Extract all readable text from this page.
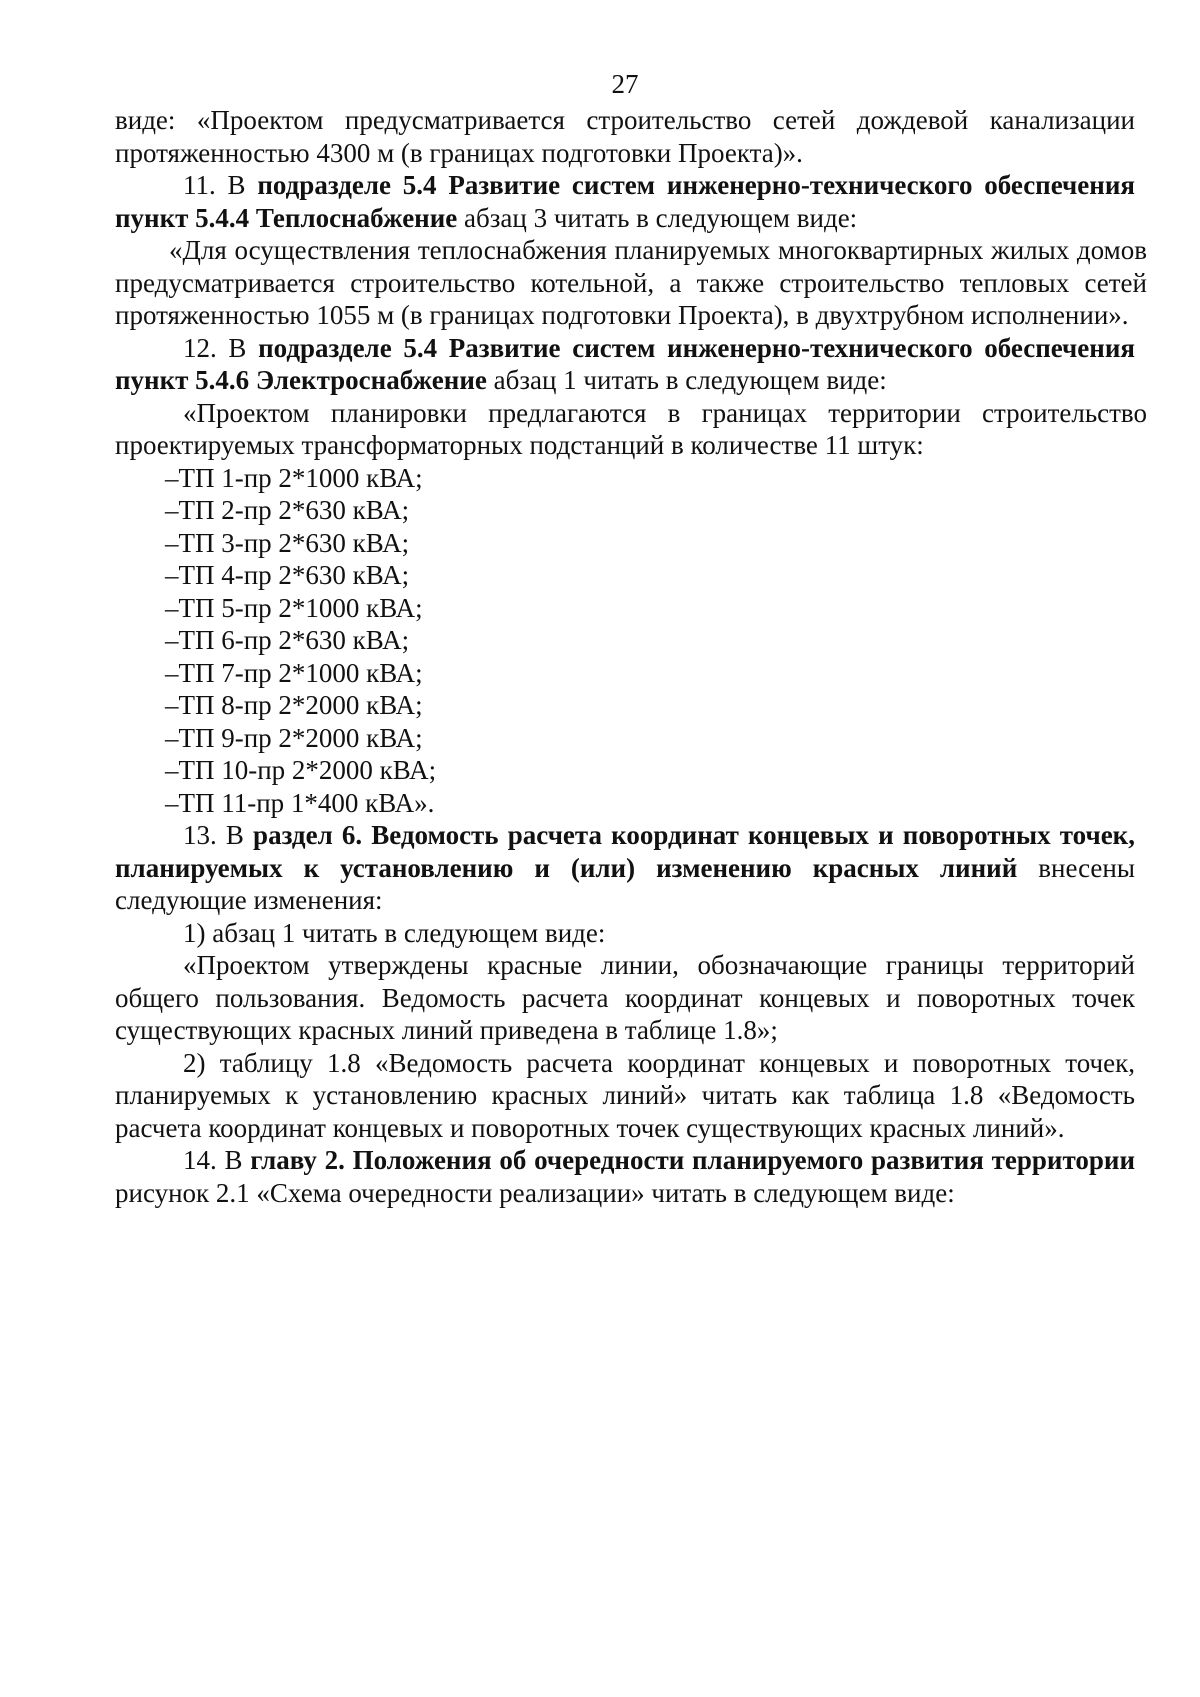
27

виде: «Проектом предусматривается строительство сетей дождевой канализации протяженностью 4300 м (в границах подготовки Проекта)».

11. В подразделе 5.4 Развитие систем инженерно-технического обеспечения пункт 5.4.4 Теплоснабжение абзац 3 читать в следующем виде:

«Для осуществления теплоснабжения планируемых многоквартирных жилых домов предусматривается строительство котельной, а также строительство тепловых сетей протяженностью 1055 м (в границах подготовки Проекта), в двухтрубном исполнении».

12. В подразделе 5.4 Развитие систем инженерно-технического обеспечения пункт 5.4.6 Электроснабжение абзац 1 читать в следующем виде:

«Проектом планировки предлагаются в границах территории строительство проектируемых трансформаторных подстанций в количестве 11 штук:

–ТП 1-пр 2*1000 кВА;
–ТП 2-пр 2*630 кВА;
–ТП 3-пр 2*630 кВА;
–ТП 4-пр 2*630 кВА;
–ТП 5-пр 2*1000 кВА;
–ТП 6-пр 2*630 кВА;
–ТП 7-пр 2*1000 кВА;
–ТП 8-пр 2*2000 кВА;
–ТП 9-пр 2*2000 кВА;
–ТП 10-пр 2*2000 кВА;
–ТП 11-пр 1*400 кВА».

13. В раздел 6. Ведомость расчета координат концевых и поворотных точек, планируемых к установлению и (или) изменению красных линий внесены следующие изменения:

1) абзац 1 читать в следующем виде:

«Проектом утверждены красные линии, обозначающие границы территорий общего пользования. Ведомость расчета координат концевых и поворотных точек существующих красных линий приведена в таблице 1.8»;

2) таблицу 1.8 «Ведомость расчета координат концевых и поворотных точек, планируемых к установлению красных линий» читать как таблица 1.8 «Ведомость расчета координат концевых и поворотных точек существующих красных линий».

14. В главу 2. Положения об очередности планируемого развития территории рисунок 2.1 «Схема очередности реализации» читать в следующем виде:
